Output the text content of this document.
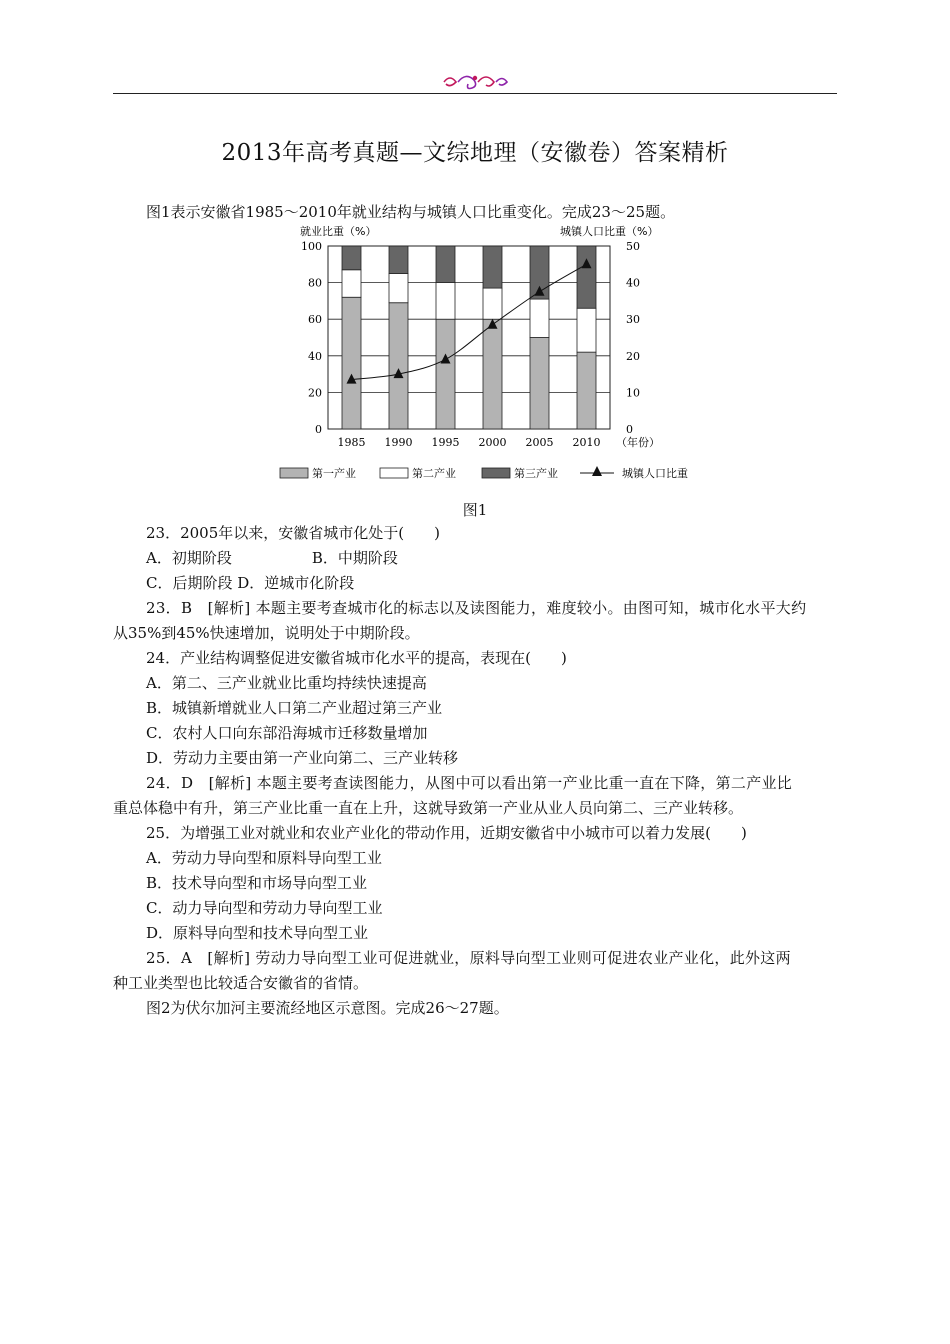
2013年高考真题—文综地理（安徽卷）答案精析
图1表示安徽省1985～2010年就业结构与城镇人口比重变化。完成23～25题。
就业比重（%）	城镇人口比重（%）
0
20
40
60
80
100
0
10
20
30
40
50
1985 1990 1995 2000 2005 2010 （年份）
第一产业	第二产业	第三产业	城镇人口比重
图1

23．2005年以来，安徽省城市化处于(　　)

A．初期阶段	B．中期阶段

C．后期阶段 D．逆城市化阶段

23．B　[解析] 本题主要考查城市化的标志以及读图能力，难度较小。由图可知，城市化水平大约

从35%到45%快速增加，说明处于中期阶段。

24．产业结构调整促进安徽省城市化水平的提高，表现在(　　)

A．第二、三产业就业比重均持续快速提高

B．城镇新增就业人口第二产业超过第三产业

C．农村人口向东部沿海城市迁移数量增加

D．劳动力主要由第一产业向第二、三产业转移

24．D　[解析] 本题主要考查读图能力，从图中可以看出第一产业比重一直在下降，第二产业比

重总体稳中有升，第三产业比重一直在上升，这就导致第一产业从业人员向第二、三产业转移。

25．为增强工业对就业和农业产业化的带动作用，近期安徽省中小城市可以着力发展(　　)

A．劳动力导向型和原料导向型工业

B．技术导向型和市场导向型工业

C．动力导向型和劳动力导向型工业

D．原料导向型和技术导向型工业

25．A　[解析] 劳动力导向型工业可促进就业，原料导向型工业则可促进农业产业化，此外这两

种工业类型也比较适合安徽省的省情。

图2为伏尔加河主要流经地区示意图。完成26～27题。
